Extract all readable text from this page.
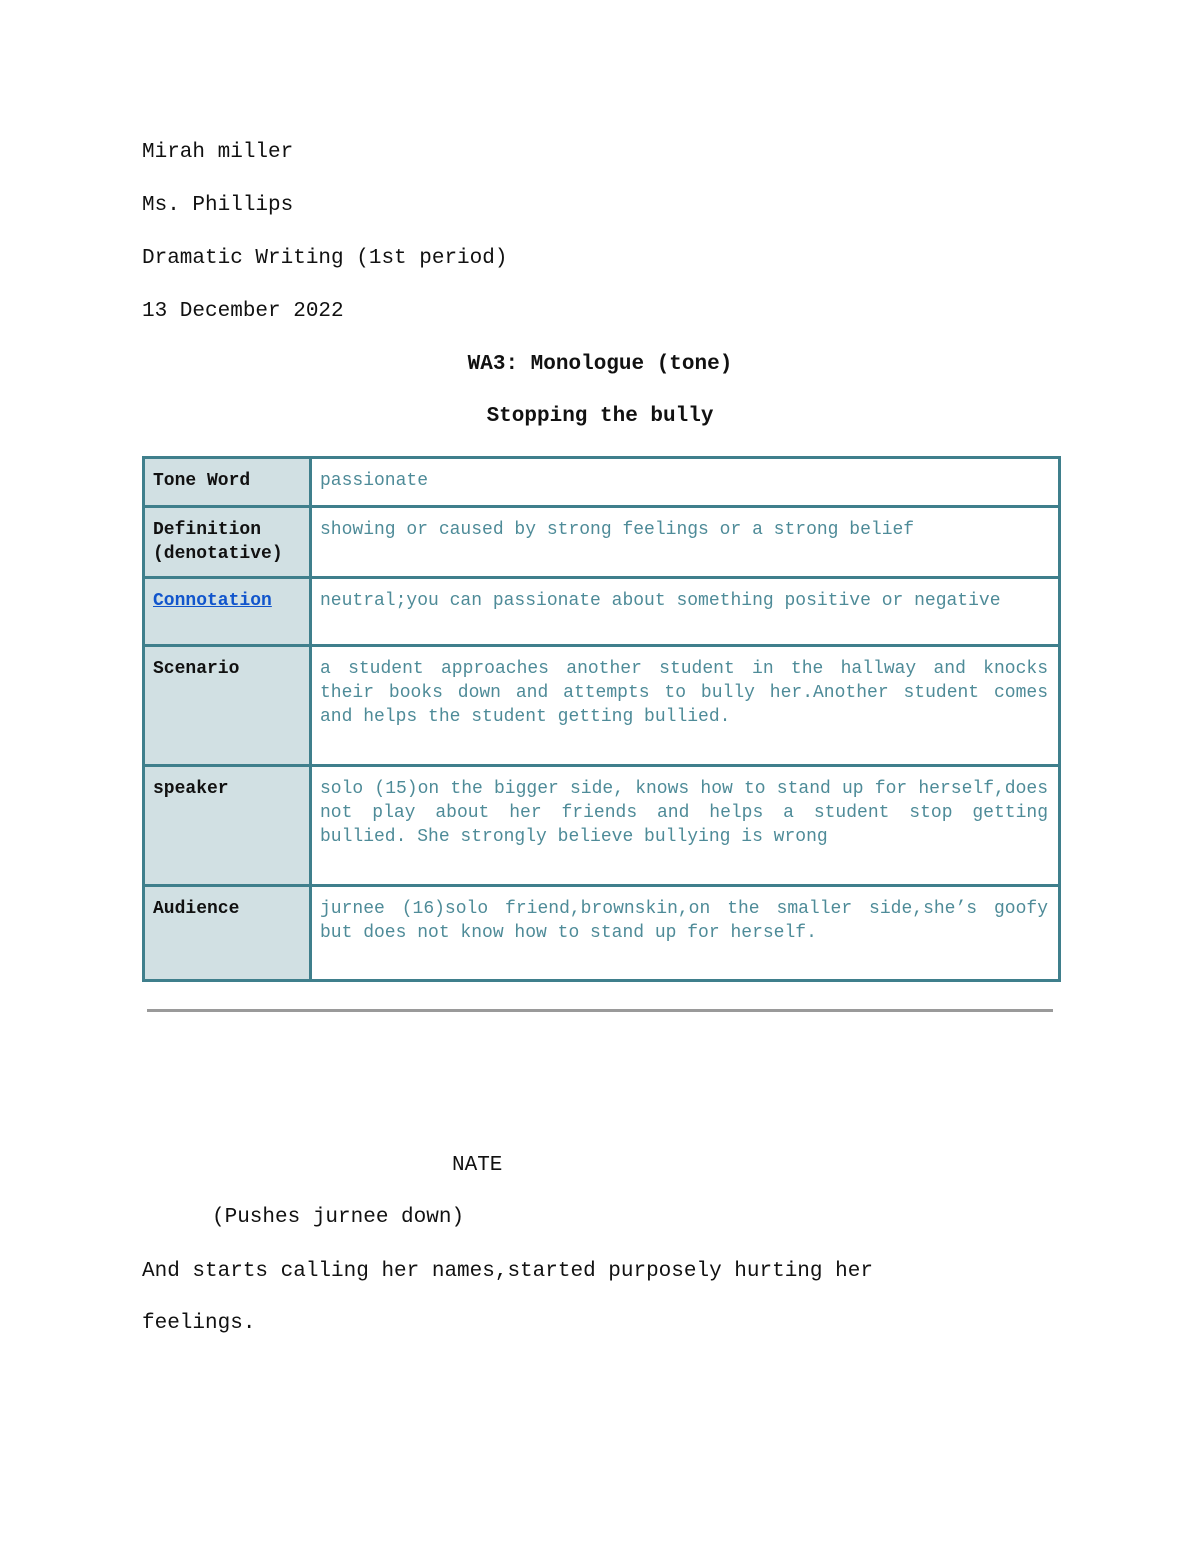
Mirah miller
Ms. Phillips
Dramatic Writing (1st period)
13 December 2022
WA3: Monologue (tone)
Stopping the bully
Tone Word	passionate
Definition (denotative)	showing or caused by strong feelings or a strong belief
Connotation	neutral;you can passionate about something positive or negative
Scenario	a student approaches another student in the hallway and knocks their books down and attempts to bully her.Another student comes and helps the student getting bullied.
speaker	solo (15)on the bigger side, knows how to stand up for herself,does not play about her friends and helps a student stop getting bullied. She strongly believe bullying is wrong
Audience	jurnee (16)solo friend,brownskin,on the smaller side,she’s goofy but does not know how to stand up for herself.
NATE
(Pushes jurnee down)
And starts calling her names,started purposely hurting her
feelings.
